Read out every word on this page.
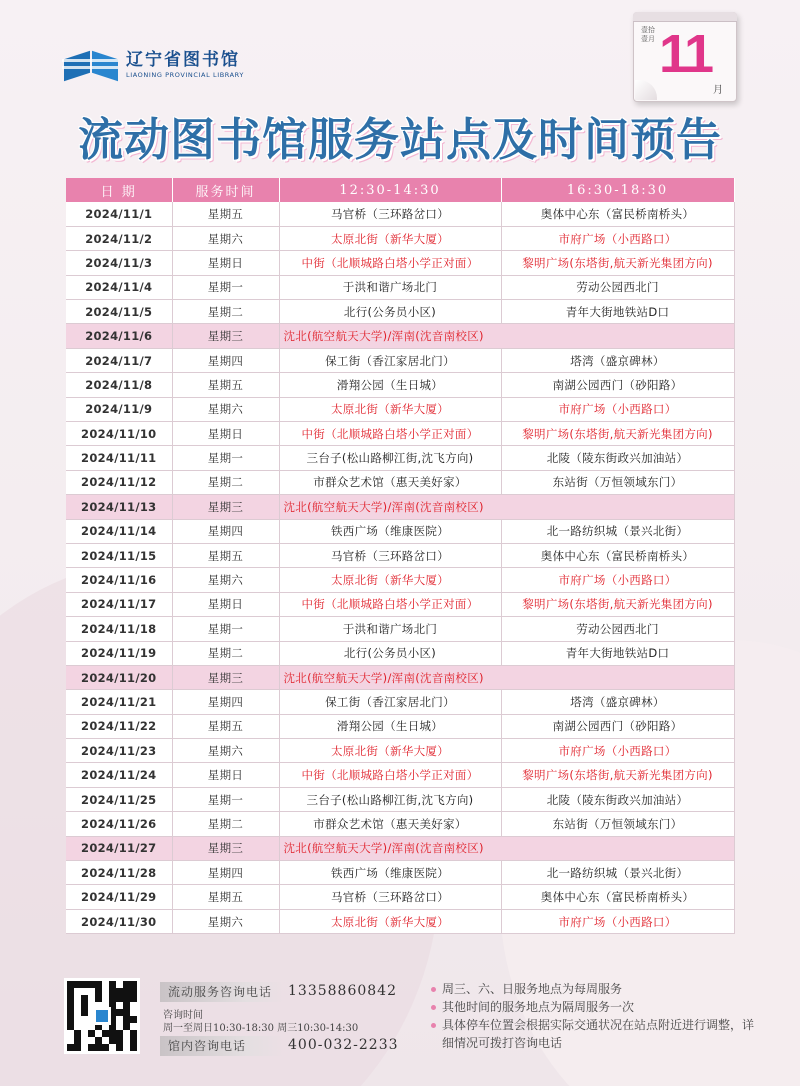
辽宁省图书馆
LIAONING PROVINCIAL LIBRARY
壹拾壹月 11
月
流动图书馆服务站点及时间预告
日 期	服务时间	12:30-14:30	16:30-18:30
2024/11/1	星期五	马官桥（三环路岔口）	奥体中心东（富民桥南桥头）
2024/11/2	星期六	太原北街（新华大厦）	市府广场（小西路口）
2024/11/3	星期日	中街（北顺城路白塔小学正对面）	黎明广场(东塔街,航天新光集团方向)
2024/11/4	星期一	于洪和谐广场北门	劳动公园西北门
2024/11/5	星期二	北行(公务员小区)	青年大街地铁站D口
2024/11/6	星期三	沈北(航空航天大学)/浑南(沈音南校区)	
2024/11/7	星期四	保工街（香江家居北门）	塔湾（盛京碑林）
2024/11/8	星期五	滑翔公园（生日城）	南湖公园西门（砂阳路）
2024/11/9	星期六	太原北街（新华大厦）	市府广场（小西路口）
2024/11/10	星期日	中街（北顺城路白塔小学正对面）	黎明广场(东塔街,航天新光集团方向)
2024/11/11	星期一	三台子(松山路柳江街,沈飞方向)	北陵（陵东街政兴加油站）
2024/11/12	星期二	市群众艺术馆（惠天美好家）	东站街（万恒领域东门）
2024/11/13	星期三	沈北(航空航天大学)/浑南(沈音南校区)	
2024/11/14	星期四	铁西广场（维康医院）	北一路纺织城（景兴北街）
2024/11/15	星期五	马官桥（三环路岔口）	奥体中心东（富民桥南桥头）
2024/11/16	星期六	太原北街（新华大厦）	市府广场（小西路口）
2024/11/17	星期日	中街（北顺城路白塔小学正对面）	黎明广场(东塔街,航天新光集团方向)
2024/11/18	星期一	于洪和谐广场北门	劳动公园西北门
2024/11/19	星期二	北行(公务员小区)	青年大街地铁站D口
2024/11/20	星期三	沈北(航空航天大学)/浑南(沈音南校区)	
2024/11/21	星期四	保工街（香江家居北门）	塔湾（盛京碑林）
2024/11/22	星期五	滑翔公园（生日城）	南湖公园西门（砂阳路）
2024/11/23	星期六	太原北街（新华大厦）	市府广场（小西路口）
2024/11/24	星期日	中街（北顺城路白塔小学正对面）	黎明广场(东塔街,航天新光集团方向)
2024/11/25	星期一	三台子(松山路柳江街,沈飞方向)	北陵（陵东街政兴加油站）
2024/11/26	星期二	市群众艺术馆（惠天美好家）	东站街（万恒领域东门）
2024/11/27	星期三	沈北(航空航天大学)/浑南(沈音南校区)	
2024/11/28	星期四	铁西广场（维康医院）	北一路纺织城（景兴北街）
2024/11/29	星期五	马官桥（三环路岔口）	奥体中心东（富民桥南桥头）
2024/11/30	星期六	太原北街（新华大厦）	市府广场（小西路口）
流动服务咨询电话	13358860842
咨询时间
周一至周日10:30-18:30 周三10:30-14:30
馆内咨询电话	400-032-2233
周三、六、日服务地点为每周服务
其他时间的服务地点为隔周服务一次
具体停车位置会根据实际交通状况在站点附近进行调整，详细情况可拨打咨询电话
